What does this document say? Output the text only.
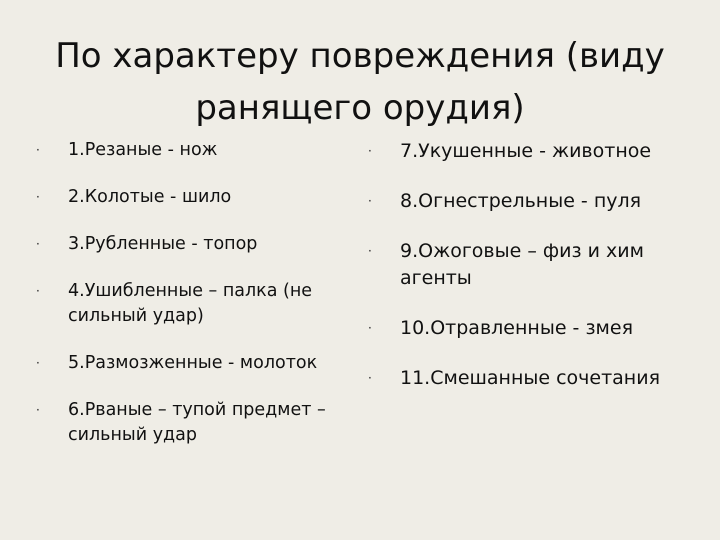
По характеру повреждения (виду ранящего орудия)
· 1.Резаные - нож
· 2.Колотые - шило
· 3.Рубленные - топор
· 4.Ушибленные – палка (не сильный удар)
· 5.Размозженные - молоток
· 6.Рваные – тупой предмет – сильный удар
· 7.Укушенные - животное
· 8.Огнестрельные - пуля
· 9.Ожоговые – физ и хим агенты
· 10.Отравленные - змея
· 11.Смешанные сочетания
